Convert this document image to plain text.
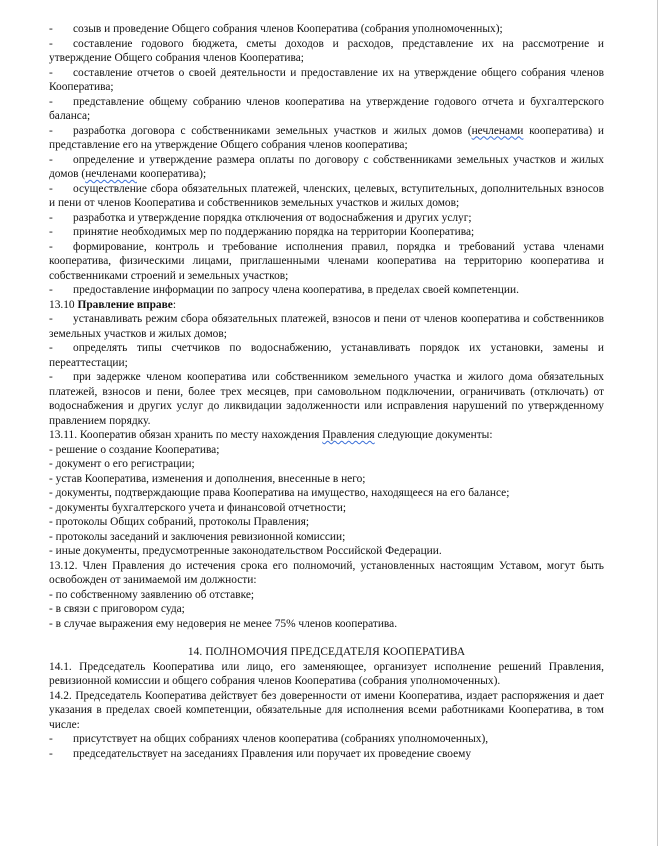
- созыв и проведение Общего собрания членов Кооператива (собрания уполномоченных);

- составление годового бюджета, сметы доходов и расходов, представление их на рассмотрение и утверждение Общего собрания членов Кооператива;

- составление отчетов о своей деятельности и предоставление их на утверждение общего собрания членов Кооператива;

- представление общему собранию членов кооператива на утверждение годового отчета и бухгалтерского баланса;

- разработка договора с собственниками земельных участков и жилых домов (нечленами кооператива) и представление его на утверждение Общего собрания членов кооператива;

- определение и утверждение размера оплаты по договору с собственниками земельных участков и жилых домов (нечленами кооператива);

- осуществление сбора обязательных платежей, членских, целевых, вступительных, дополнительных взносов и пени от членов Кооператива и собственников земельных участков и жилых домов;

- разработка и утверждение порядка отключения от водоснабжения и других услуг;

- принятие необходимых мер по поддержанию порядка на территории Кооператива;

- формирование, контроль и требование исполнения правил, порядка и требований устава членами кооператива, физическими лицами, приглашенными членами кооператива на территорию кооператива и собственниками строений и земельных участков;

- предоставление информации по запросу члена кооператива, в пределах своей компетенции.

13.10 Правление вправе:

- устанавливать режим сбора обязательных платежей, взносов и пени от членов кооператива и собственников земельных участков и жилых домов;

- определять типы счетчиков по водоснабжению, устанавливать порядок их установки, замены и переаттестации;

- при задержке членом кооператива или собственником земельного участка и жилого дома обязательных платежей, взносов и пени, более трех месяцев, при самовольном подключении, ограничивать (отключать) от водоснабжения и других услуг до ликвидации задолженности или исправления нарушений по утвержденному правлением порядку.

13.11. Кооператив обязан хранить по месту нахождения Правления следующие документы:

- решение о создание Кооператива;

- документ о его регистрации;

- устав Кооператива, изменения и дополнения, внесенные в него;

- документы, подтверждающие права Кооператива на имущество, находящееся на его балансе;

- документы бухгалтерского учета и финансовой отчетности;

- протоколы Общих собраний, протоколы Правления;

- протоколы заседаний и заключения ревизионной комиссии;

- иные документы, предусмотренные законодательством Российской Федерации.

13.12. Член Правления до истечения срока его полномочий, установленных настоящим Уставом, могут быть освобожден от занимаемой им должности:

- по собственному заявлению об отставке;

- в связи с приговором суда;

- в случае выражения ему недоверия не менее 75% членов кооператива.

14. ПОЛНОМОЧИЯ ПРЕДСЕДАТЕЛЯ КООПЕРАТИВА

14.1. Председатель Кооператива или лицо, его заменяющее, организует исполнение решений Правления, ревизионной комиссии и общего собрания членов Кооператива (собрания уполномоченных).

14.2. Председатель Кооператива действует без доверенности от имени Кооператива, издает распоряжения и дает указания в пределах своей компетенции, обязательные для исполнения всеми работниками Кооператива, в том числе:

- присутствует на общих собраниях членов кооператива (собраниях уполномоченных),

- председательствует на заседаниях Правления или поручает их проведение своему
